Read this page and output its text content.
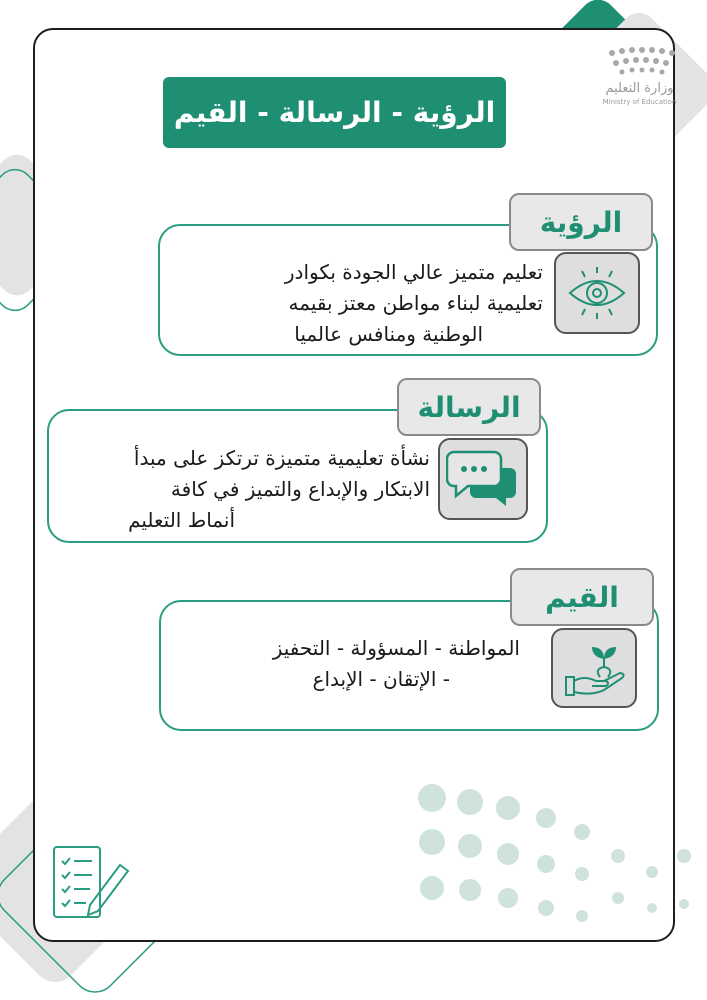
وزارة التعليم
Ministry of Education
الرؤية - الرسالة - القيم
الرؤية
تعليم متميز عالي الجودة بكوادر
تعليمية لبناء مواطن معتز بقيمه
الوطنية ومنافس عالميا
الرسالة
نشأة تعليمية متميزة ترتكز على مبدأ
الابتكار والإبداع والتميز في كافة
أنماط التعليم
القيم
المواطنة - المسؤولة - التحفيز
- الإتقان - الإبداع
